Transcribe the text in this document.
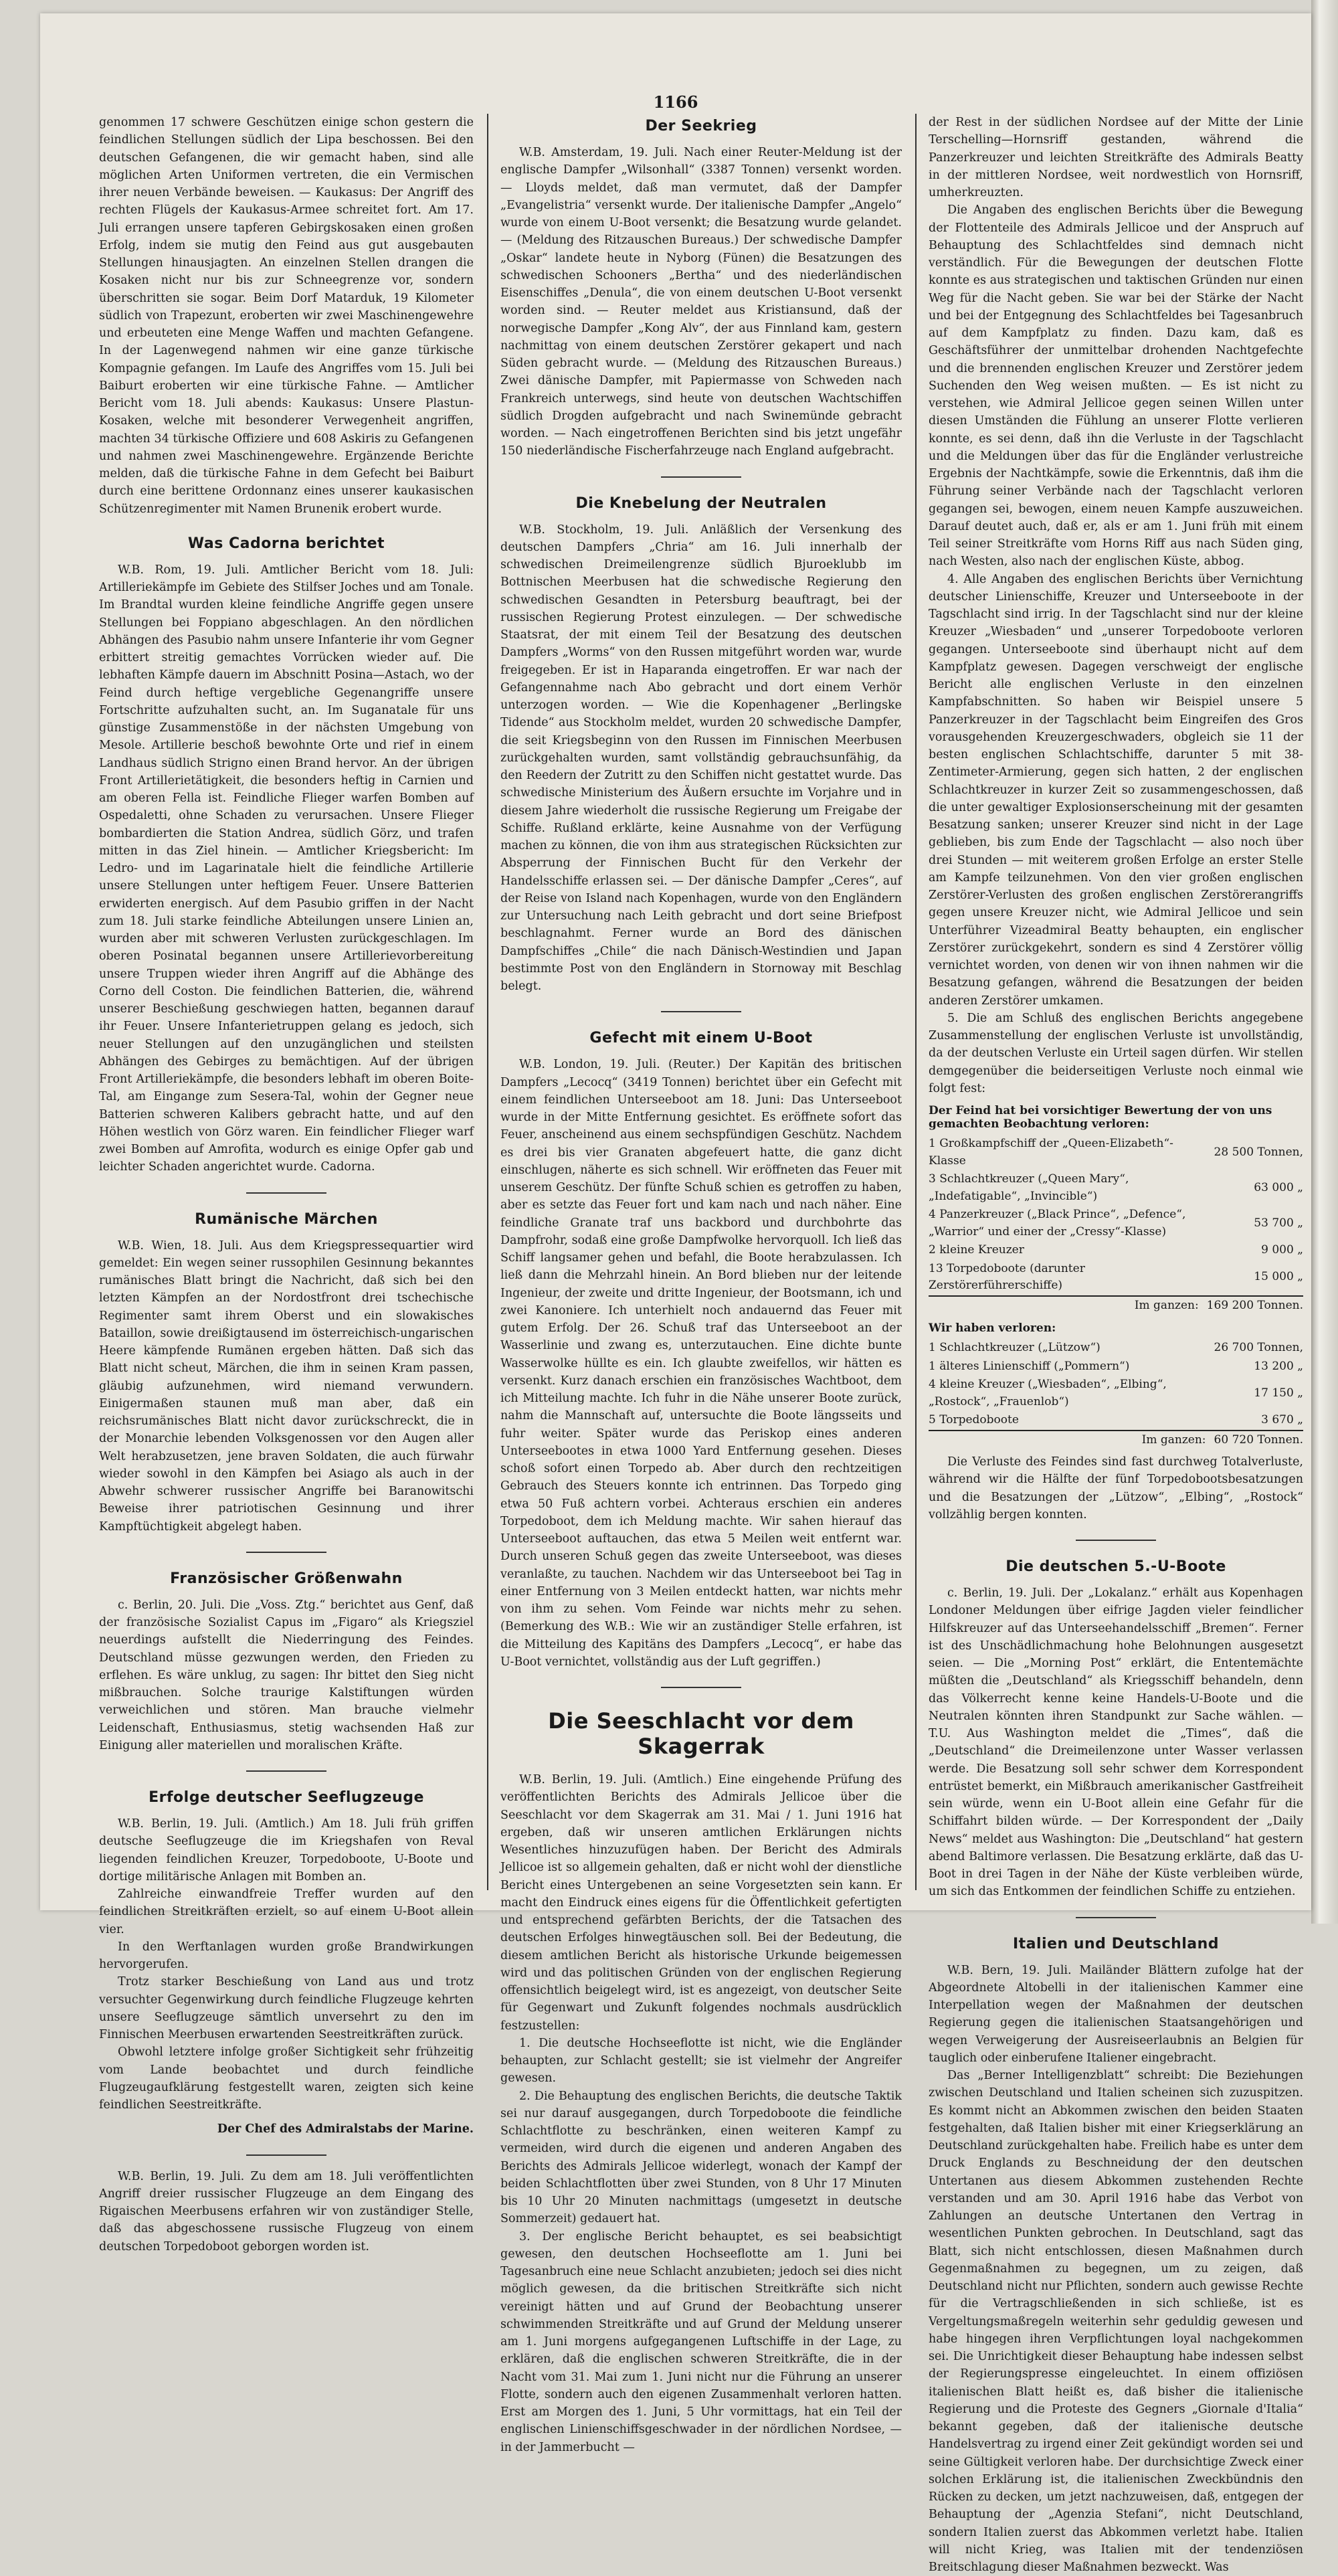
1166

genommen 17 schwere Geschützen einige schon gestern die feindlichen Stellungen südlich der Lipa beschossen. Bei den deutschen Gefangenen, die wir gemacht haben, sind alle möglichen Arten Uniformen vertreten, die ein Vermischen ihrer neuen Verbände beweisen. — Kaukasus: Der Angriff des rechten Flügels der Kaukasus-Armee schreitet fort. Am 17. Juli errangen unsere tapferen Gebirgskosaken einen großen Erfolg, indem sie mutig den Feind aus gut ausgebauten Stellungen hinausjagten. An einzelnen Stellen drangen die Kosaken nicht nur bis zur Schneegrenze vor, sondern überschritten sie sogar. Beim Dorf Matarduk, 19 Kilometer südlich von Trapezunt, eroberten wir zwei Maschinengewehre und erbeuteten eine Menge Waffen und machten Gefangene. In der Lagenwegend nahmen wir eine ganze türkische Kompagnie gefangen. Im Laufe des Angriffes vom 15. Juli bei Baiburt eroberten wir eine türkische Fahne. — Amtlicher Bericht vom 18. Juli abends: Kaukasus: Unsere Plastun-Kosaken, welche mit besonderer Verwegenheit angriffen, machten 34 türkische Offiziere und 608 Askiris zu Gefangenen und nahmen zwei Maschinengewehre. Ergänzende Berichte melden, daß die türkische Fahne in dem Gefecht bei Baiburt durch eine berittene Ordonnanz eines unserer kaukasischen Schützenregimenter mit Namen Brunenik erobert wurde.

Was Cadorna berichtet

W.B. Rom, 19. Juli. Amtlicher Bericht vom 18. Juli: Artilleriekämpfe im Gebiete des Stilfser Joches und am Tonale. Im Brandtal wurden kleine feindliche Angriffe gegen unsere Stellungen bei Foppiano abgeschlagen. An den nördlichen Abhängen des Pasubio nahm unsere Infanterie ihr vom Gegner erbittert streitig gemachtes Vorrücken wieder auf. Die lebhaften Kämpfe dauern im Abschnitt Posina—Astach, wo der Feind durch heftige vergebliche Gegenangriffe unsere Fortschritte aufzuhalten sucht, an. Im Suganatale für uns günstige Zusammenstöße in der nächsten Umgebung von Mesole. Artillerie beschoß bewohnte Orte und rief in einem Landhaus südlich Strigno einen Brand hervor. An der übrigen Front Artillerietätigkeit, die besonders heftig in Carnien und am oberen Fella ist. Feindliche Flieger warfen Bomben auf Ospedaletti, ohne Schaden zu verursachen. Unsere Flieger bombardierten die Station Andrea, südlich Görz, und trafen mitten in das Ziel hinein. — Amtlicher Kriegsbericht: Im Ledro- und im Lagarinatale hielt die feindliche Artillerie unsere Stellungen unter heftigem Feuer. Unsere Batterien erwiderten energisch. Auf dem Pasubio griffen in der Nacht zum 18. Juli starke feindliche Abteilungen unsere Linien an, wurden aber mit schweren Verlusten zurückgeschlagen. Im oberen Posinatal begannen unsere Artillerievorbereitung unsere Truppen wieder ihren Angriff auf die Abhänge des Corno dell Coston. Die feindlichen Batterien, die, während unserer Beschießung geschwiegen hatten, begannen darauf ihr Feuer. Unsere Infanterietruppen gelang es jedoch, sich neuer Stellungen auf den unzugänglichen und steilsten Abhängen des Gebirges zu bemächtigen. Auf der übrigen Front Artilleriekämpfe, die besonders lebhaft im oberen Boite-Tal, am Eingange zum Sesera-Tal, wohin der Gegner neue Batterien schweren Kalibers gebracht hatte, und auf den Höhen westlich von Görz waren. Ein feindlicher Flieger warf zwei Bomben auf Amrofita, wodurch es einige Opfer gab und leichter Schaden angerichtet wurde. Cadorna.

Rumänische Märchen

W.B. Wien, 18. Juli. Aus dem Kriegspressequartier wird gemeldet: Ein wegen seiner russophilen Gesinnung bekanntes rumänisches Blatt bringt die Nachricht, daß sich bei den letzten Kämpfen an der Nordostfront drei tschechische Regimenter samt ihrem Oberst und ein slowakisches Bataillon, sowie dreißigtausend im österreichisch-ungarischen Heere kämpfende Rumänen ergeben hätten. Daß sich das Blatt nicht scheut, Märchen, die ihm in seinen Kram passen, gläubig aufzunehmen, wird niemand verwundern. Einigermaßen staunen muß man aber, daß ein reichsrumänisches Blatt nicht davor zurückschreckt, die in der Monarchie lebenden Volksgenossen vor den Augen aller Welt herabzusetzen, jene braven Soldaten, die auch fürwahr wieder sowohl in den Kämpfen bei Asiago als auch in der Abwehr schwerer russischer Angriffe bei Baranowitschi Beweise ihrer patriotischen Gesinnung und ihrer Kampftüchtigkeit abgelegt haben.

Französischer Größenwahn

c. Berlin, 20. Juli. Die „Voss. Ztg.“ berichtet aus Genf, daß der französische Sozialist Capus im „Figaro“ als Kriegsziel neuerdings aufstellt die Niederringung des Feindes. Deutschland müsse gezwungen werden, den Frieden zu erflehen. Es wäre unklug, zu sagen: Ihr bittet den Sieg nicht mißbrauchen. Solche traurige Kalstiftungen würden verweichlichen und stören. Man brauche vielmehr Leidenschaft, Enthusiasmus, stetig wachsenden Haß zur Einigung aller materiellen und moralischen Kräfte.

Erfolge deutscher Seeflugzeuge

W.B. Berlin, 19. Juli. (Amtlich.) Am 18. Juli früh griffen deutsche Seeflugzeuge die im Kriegshafen von Reval liegenden feindlichen Kreuzer, Torpedoboote, U-Boote und dortige militärische Anlagen mit Bomben an.

Zahlreiche einwandfreie Treffer wurden auf den feindlichen Streitkräften erzielt, so auf einem U-Boot allein vier.

In den Werftanlagen wurden große Brandwirkungen hervorgerufen.

Trotz starker Beschießung von Land aus und trotz versuchter Gegenwirkung durch feindliche Flugzeuge kehrten unsere Seeflugzeuge sämtlich unversehrt zu den im Finnischen Meerbusen erwartenden Seestreitkräften zurück.

Obwohl letztere infolge großer Sichtigkeit sehr frühzeitig vom Lande beobachtet und durch feindliche Flugzeugaufklärung festgestellt waren, zeigten sich keine feindlichen Seestreitkräfte.

Der Chef des Admiralstabs der Marine.

W.B. Berlin, 19. Juli. Zu dem am 18. Juli veröffentlichten Angriff dreier russischer Flugzeuge an dem Eingang des Rigaischen Meerbusens erfahren wir von zuständiger Stelle, daß das abgeschossene russische Flugzeug von einem deutschen Torpedoboot geborgen worden ist.

Der Seekrieg

W.B. Amsterdam, 19. Juli. Nach einer Reuter-Meldung ist der englische Dampfer „Wilsonhall“ (3387 Tonnen) versenkt worden. — Lloyds meldet, daß man vermutet, daß der Dampfer „Evangelistria“ versenkt wurde. Der italienische Dampfer „Angelo“ wurde von einem U-Boot versenkt; die Besatzung wurde gelandet. — (Meldung des Ritzauschen Bureaus.) Der schwedische Dampfer „Oskar“ landete heute in Nyborg (Fünen) die Besatzungen des schwedischen Schooners „Bertha“ und des niederländischen Eisenschiffes „Denula“, die von einem deutschen U-Boot versenkt worden sind. — Reuter meldet aus Kristiansund, daß der norwegische Dampfer „Kong Alv“, der aus Finnland kam, gestern nachmittag von einem deutschen Zerstörer gekapert und nach Süden gebracht wurde. — (Meldung des Ritzauschen Bureaus.) Zwei dänische Dampfer, mit Papiermasse von Schweden nach Frankreich unterwegs, sind heute von deutschen Wachtschiffen südlich Drogden aufgebracht und nach Swinemünde gebracht worden. — Nach eingetroffenen Berichten sind bis jetzt ungefähr 150 niederländische Fischerfahrzeuge nach England aufgebracht.

Die Knebelung der Neutralen

W.B. Stockholm, 19. Juli. Anläßlich der Versenkung des deutschen Dampfers „Chria“ am 16. Juli innerhalb der schwedischen Dreimeilengrenze südlich Bjuroeklubb im Bottnischen Meerbusen hat die schwedische Regierung den schwedischen Gesandten in Petersburg beauftragt, bei der russischen Regierung Protest einzulegen. — Der schwedische Staatsrat, der mit einem Teil der Besatzung des deutschen Dampfers „Worms“ von den Russen mitgeführt worden war, wurde freigegeben. Er ist in Haparanda eingetroffen. Er war nach der Gefangennahme nach Abo gebracht und dort einem Verhör unterzogen worden. — Wie die Kopenhagener „Berlingske Tidende“ aus Stockholm meldet, wurden 20 schwedische Dampfer, die seit Kriegsbeginn von den Russen im Finnischen Meerbusen zurückgehalten wurden, samt vollständig gebrauchsunfähig, da den Reedern der Zutritt zu den Schiffen nicht gestattet wurde. Das schwedische Ministerium des Äußern ersuchte im Vorjahre und in diesem Jahre wiederholt die russische Regierung um Freigabe der Schiffe. Rußland erklärte, keine Ausnahme von der Verfügung machen zu können, die von ihm aus strategischen Rücksichten zur Absperrung der Finnischen Bucht für den Verkehr der Handelsschiffe erlassen sei. — Der dänische Dampfer „Ceres“, auf der Reise von Island nach Kopenhagen, wurde von den Engländern zur Untersuchung nach Leith gebracht und dort seine Briefpost beschlagnahmt. Ferner wurde an Bord des dänischen Dampfschiffes „Chile“ die nach Dänisch-Westindien und Japan bestimmte Post von den Engländern in Stornoway mit Beschlag belegt.

Gefecht mit einem U-Boot

W.B. London, 19. Juli. (Reuter.) Der Kapitän des britischen Dampfers „Lecocq“ (3419 Tonnen) berichtet über ein Gefecht mit einem feindlichen Unterseeboot am 18. Juni: Das Unterseeboot wurde in der Mitte Entfernung gesichtet. Es eröffnete sofort das Feuer, anscheinend aus einem sechspfündigen Geschütz. Nachdem es drei bis vier Granaten abgefeuert hatte, die ganz dicht einschlugen, näherte es sich schnell. Wir eröffneten das Feuer mit unserem Geschütz. Der fünfte Schuß schien es getroffen zu haben, aber es setzte das Feuer fort und kam nach und nach näher. Eine feindliche Granate traf uns backbord und durchbohrte das Dampfrohr, sodaß eine große Dampfwolke hervorquoll. Ich ließ das Schiff langsamer gehen und befahl, die Boote herabzulassen. Ich ließ dann die Mehrzahl hinein. An Bord blieben nur der leitende Ingenieur, der zweite und dritte Ingenieur, der Bootsmann, ich und zwei Kanoniere. Ich unterhielt noch andauernd das Feuer mit gutem Erfolg. Der 26. Schuß traf das Unterseeboot an der Wasserlinie und zwang es, unterzutauchen. Eine dichte bunte Wasserwolke hüllte es ein. Ich glaubte zweifellos, wir hätten es versenkt. Kurz danach erschien ein französisches Wachtboot, dem ich Mitteilung machte. Ich fuhr in die Nähe unserer Boote zurück, nahm die Mannschaft auf, untersuchte die Boote längsseits und fuhr weiter. Später wurde das Periskop eines anderen Unterseebootes in etwa 1000 Yard Entfernung gesehen. Dieses schoß sofort einen Torpedo ab. Aber durch den rechtzeitigen Gebrauch des Steuers konnte ich entrinnen. Das Torpedo ging etwa 50 Fuß achtern vorbei. Achteraus erschien ein anderes Torpedoboot, dem ich Meldung machte. Wir sahen hierauf das Unterseeboot auftauchen, das etwa 5 Meilen weit entfernt war. Durch unseren Schuß gegen das zweite Unterseeboot, was dieses veranlaßte, zu tauchen. Nachdem wir das Unterseeboot bei Tag in einer Entfernung von 3 Meilen entdeckt hatten, war nichts mehr von ihm zu sehen. Vom Feinde war nichts mehr zu sehen. (Bemerkung des W.B.: Wie wir an zuständiger Stelle erfahren, ist die Mitteilung des Kapitäns des Dampfers „Lecocq“, er habe das U-Boot vernichtet, vollständig aus der Luft gegriffen.)

Die Seeschlacht vor dem Skagerrak

W.B. Berlin, 19. Juli. (Amtlich.) Eine eingehende Prüfung des veröffentlichten Berichts des Admirals Jellicoe über die Seeschlacht vor dem Skagerrak am 31. Mai / 1. Juni 1916 hat ergeben, daß wir unseren amtlichen Erklärungen nichts Wesentliches hinzuzufügen haben. Der Bericht des Admirals Jellicoe ist so allgemein gehalten, daß er nicht wohl der dienstliche Bericht eines Untergebenen an seine Vorgesetzten sein kann. Er macht den Eindruck eines eigens für die Öffentlichkeit gefertigten und entsprechend gefärbten Berichts, der die Tatsachen des deutschen Erfolges hinwegtäuschen soll. Bei der Bedeutung, die diesem amtlichen Bericht als historische Urkunde beigemessen wird und das politischen Gründen von der englischen Regierung offensichtlich beigelegt wird, ist es angezeigt, von deutscher Seite für Gegenwart und Zukunft folgendes nochmals ausdrücklich festzustellen:

1. Die deutsche Hochseeflotte ist nicht, wie die Engländer behaupten, zur Schlacht gestellt; sie ist vielmehr der Angreifer gewesen.

2. Die Behauptung des englischen Berichts, die deutsche Taktik sei nur darauf ausgegangen, durch Torpedoboote die feindliche Schlachtflotte zu beschränken, einen weiteren Kampf zu vermeiden, wird durch die eigenen und anderen Angaben des Berichts des Admirals Jellicoe widerlegt, wonach der Kampf der beiden Schlachtflotten über zwei Stunden, von 8 Uhr 17 Minuten bis 10 Uhr 20 Minuten nachmittags (umgesetzt in deutsche Sommerzeit) gedauert hat.

3. Der englische Bericht behauptet, es sei beabsichtigt gewesen, den deutschen Hochseeflotte am 1. Juni bei Tagesanbruch eine neue Schlacht anzubieten; jedoch sei dies nicht möglich gewesen, da die britischen Streitkräfte sich nicht vereinigt hätten und auf Grund der Beobachtung unserer schwimmenden Streitkräfte und auf Grund der Meldung unserer am 1. Juni morgens aufgegangenen Luftschiffe in der Lage, zu erklären, daß die englischen schweren Streitkräfte, die in der Nacht vom 31. Mai zum 1. Juni nicht nur die Führung an unserer Flotte, sondern auch den eigenen Zusammenhalt verloren hatten. Erst am Morgen des 1. Juni, 5 Uhr vormittags, hat ein Teil der englischen Linienschiffsgeschwader in der nördlichen Nordsee, — in der Jammerbucht —

der Rest in der südlichen Nordsee auf der Mitte der Linie Terschelling—Hornsriff gestanden, während die Panzerkreuzer und leichten Streitkräfte des Admirals Beatty in der mittleren Nordsee, weit nordwestlich von Hornsriff, umherkreuzten.

Die Angaben des englischen Berichts über die Bewegung der Flottenteile des Admirals Jellicoe und der Anspruch auf Behauptung des Schlachtfeldes sind demnach nicht verständlich. Für die Bewegungen der deutschen Flotte konnte es aus strategischen und taktischen Gründen nur einen Weg für die Nacht geben. Sie war bei der Stärke der Nacht und bei der Entgegnung des Schlachtfeldes bei Tagesanbruch auf dem Kampfplatz zu finden. Dazu kam, daß es Geschäftsführer der unmittelbar drohenden Nachtgefechte und die brennenden englischen Kreuzer und Zerstörer jedem Suchenden den Weg weisen mußten. — Es ist nicht zu verstehen, wie Admiral Jellicoe gegen seinen Willen unter diesen Umständen die Fühlung an unserer Flotte verlieren konnte, es sei denn, daß ihn die Verluste in der Tagschlacht und die Meldungen über das für die Engländer verlustreiche Ergebnis der Nachtkämpfe, sowie die Erkenntnis, daß ihm die Führung seiner Verbände nach der Tagschlacht verloren gegangen sei, bewogen, einem neuen Kampfe auszuweichen. Darauf deutet auch, daß er, als er am 1. Juni früh mit einem Teil seiner Streitkräfte vom Horns Riff aus nach Süden ging, nach Westen, also nach der englischen Küste, abbog.

4. Alle Angaben des englischen Berichts über Vernichtung deutscher Linienschiffe, Kreuzer und Unterseeboote in der Tagschlacht sind irrig. In der Tagschlacht sind nur der kleine Kreuzer „Wiesbaden“ und „unserer Torpedoboote verloren gegangen. Unterseeboote sind überhaupt nicht auf dem Kampfplatz gewesen. Dagegen verschweigt der englische Bericht alle englischen Verluste in den einzelnen Kampfabschnitten. So haben wir Beispiel unsere 5 Panzerkreuzer in der Tagschlacht beim Eingreifen des Gros vorausgehenden Kreuzergeschwaders, obgleich sie 11 der besten englischen Schlachtschiffe, darunter 5 mit 38-Zentimeter-Armierung, gegen sich hatten, 2 der englischen Schlachtkreuzer in kurzer Zeit so zusammengeschossen, daß die unter gewaltiger Explosionserscheinung mit der gesamten Besatzung sanken; unserer Kreuzer sind nicht in der Lage geblieben, bis zum Ende der Tagschlacht — also noch über drei Stunden — mit weiterem großen Erfolge an erster Stelle am Kampfe teilzunehmen. Von den vier großen englischen Zerstörer-Verlusten des großen englischen Zerstörerangriffs gegen unsere Kreuzer nicht, wie Admiral Jellicoe und sein Unterführer Vizeadmiral Beatty behaupten, ein englischer Zerstörer zurückgekehrt, sondern es sind 4 Zerstörer völlig vernichtet worden, von denen wir von ihnen nahmen wir die Besatzung gefangen, während die Besatzungen der beiden anderen Zerstörer umkamen.

5. Die am Schluß des englischen Berichts angegebene Zusammenstellung der englischen Verluste ist unvollständig, da der deutschen Verluste ein Urteil sagen dürfen. Wir stellen demgegenüber die beiderseitigen Verluste noch einmal wie folgt fest:

Der Feind hat bei vorsichtiger Bewertung der von uns gemachten Beobachtung verloren:
1 Großkampfschiff der „Queen-Elizabeth“-Klasse	28 500 Tonnen,
3 Schlachtkreuzer („Queen Mary“, „Indefatigable“, „Invincible“)	63 000 „
4 Panzerkreuzer („Black Prince“, „Defence“, „Warrior“ und einer der „Cressy“-Klasse)	53 700 „
2 kleine Kreuzer	9 000 „
13 Torpedoboote (darunter Zerstörerführerschiffe)	15 000 „
Im ganzen:	169 200 Tonnen.
Wir haben verloren:
1 Schlachtkreuzer („Lützow“)	26 700 Tonnen,
1 älteres Linienschiff („Pommern“)	13 200 „
4 kleine Kreuzer („Wiesbaden“, „Elbing“, „Rostock“, „Frauenlob“)	17 150 „
5 Torpedoboote	3 670 „
Im ganzen:	60 720 Tonnen.

Die Verluste des Feindes sind fast durchweg Totalverluste, während wir die Hälfte der fünf Torpedobootsbesatzungen und die Besatzungen der „Lützow“, „Elbing“, „Rostock“ vollzählig bergen konnten.

Die deutschen 5.-U-Boote

c. Berlin, 19. Juli. Der „Lokalanz.“ erhält aus Kopenhagen Londoner Meldungen über eifrige Jagden vieler feindlicher Hilfskreuzer auf das Unterseehandelsschiff „Bremen“. Ferner ist des Unschädlichmachung hohe Belohnungen ausgesetzt seien. — Die „Morning Post“ erklärt, die Ententemächte müßten die „Deutschland“ als Kriegsschiff behandeln, denn das Völkerrecht kenne keine Handels-U-Boote und die Neutralen könnten ihren Standpunkt zur Sache wählen. — T.U. Aus Washington meldet die „Times“, daß die „Deutschland“ die Dreimeilenzone unter Wasser verlassen werde. Die Besatzung soll sehr schwer dem Korrespondent entrüstet bemerkt, ein Mißbrauch amerikanischer Gastfreiheit sein würde, wenn ein U-Boot allein eine Gefahr für die Schiffahrt bilden würde. — Der Korrespondent der „Daily News“ meldet aus Washington: Die „Deutschland“ hat gestern abend Baltimore verlassen. Die Besatzung erklärte, daß das U-Boot in drei Tagen in der Nähe der Küste verbleiben würde, um sich das Entkommen der feindlichen Schiffe zu entziehen.

Italien und Deutschland

W.B. Bern, 19. Juli. Mailänder Blättern zufolge hat der Abgeordnete Altobelli in der italienischen Kammer eine Interpellation wegen der Maßnahmen der deutschen Regierung gegen die italienischen Staatsangehörigen und wegen Verweigerung der Ausreiseerlaubnis an Belgien für tauglich oder einberufene Italiener eingebracht.

Das „Berner Intelligenzblatt“ schreibt: Die Beziehungen zwischen Deutschland und Italien scheinen sich zuzuspitzen. Es kommt nicht an Abkommen zwischen den beiden Staaten festgehalten, daß Italien bisher mit einer Kriegserklärung an Deutschland zurückgehalten habe. Freilich habe es unter dem Druck Englands zu Beschneidung der den deutschen Untertanen aus diesem Abkommen zustehenden Rechte verstanden und am 30. April 1916 habe das Verbot von Zahlungen an deutsche Untertanen den Vertrag in wesentlichen Punkten gebrochen. In Deutschland, sagt das Blatt, sich nicht entschlossen, diesen Maßnahmen durch Gegenmaßnahmen zu begegnen, um zu zeigen, daß Deutschland nicht nur Pflichten, sondern auch gewisse Rechte für die Vertragschließenden in sich schließe, ist es Vergeltungsmaßregeln weiterhin sehr geduldig gewesen und habe hingegen ihren Verpflichtungen loyal nachgekommen sei. Die Unrichtigkeit dieser Behauptung habe indessen selbst der Regierungspresse eingeleuchtet. In einem offiziösen italienischen Blatt heißt es, daß bisher die italienische Regierung und die Proteste des Gegners „Giornale d'Italia“ bekannt gegeben, daß der italienische deutsche Handelsvertrag zu irgend einer Zeit gekündigt worden sei und seine Gültigkeit verloren habe. Der durchsichtige Zweck einer solchen Erklärung ist, die italienischen Zweckbündnis den Rücken zu decken, um jetzt nachzuweisen, daß, entgegen der Behauptung der „Agenzia Stefani“, nicht Deutschland, sondern Italien zuerst das Abkommen verletzt habe. Italien will nicht Krieg, was Italien mit der tendenziösen Breitschlagung dieser Maßnahmen bezweckt. Was
